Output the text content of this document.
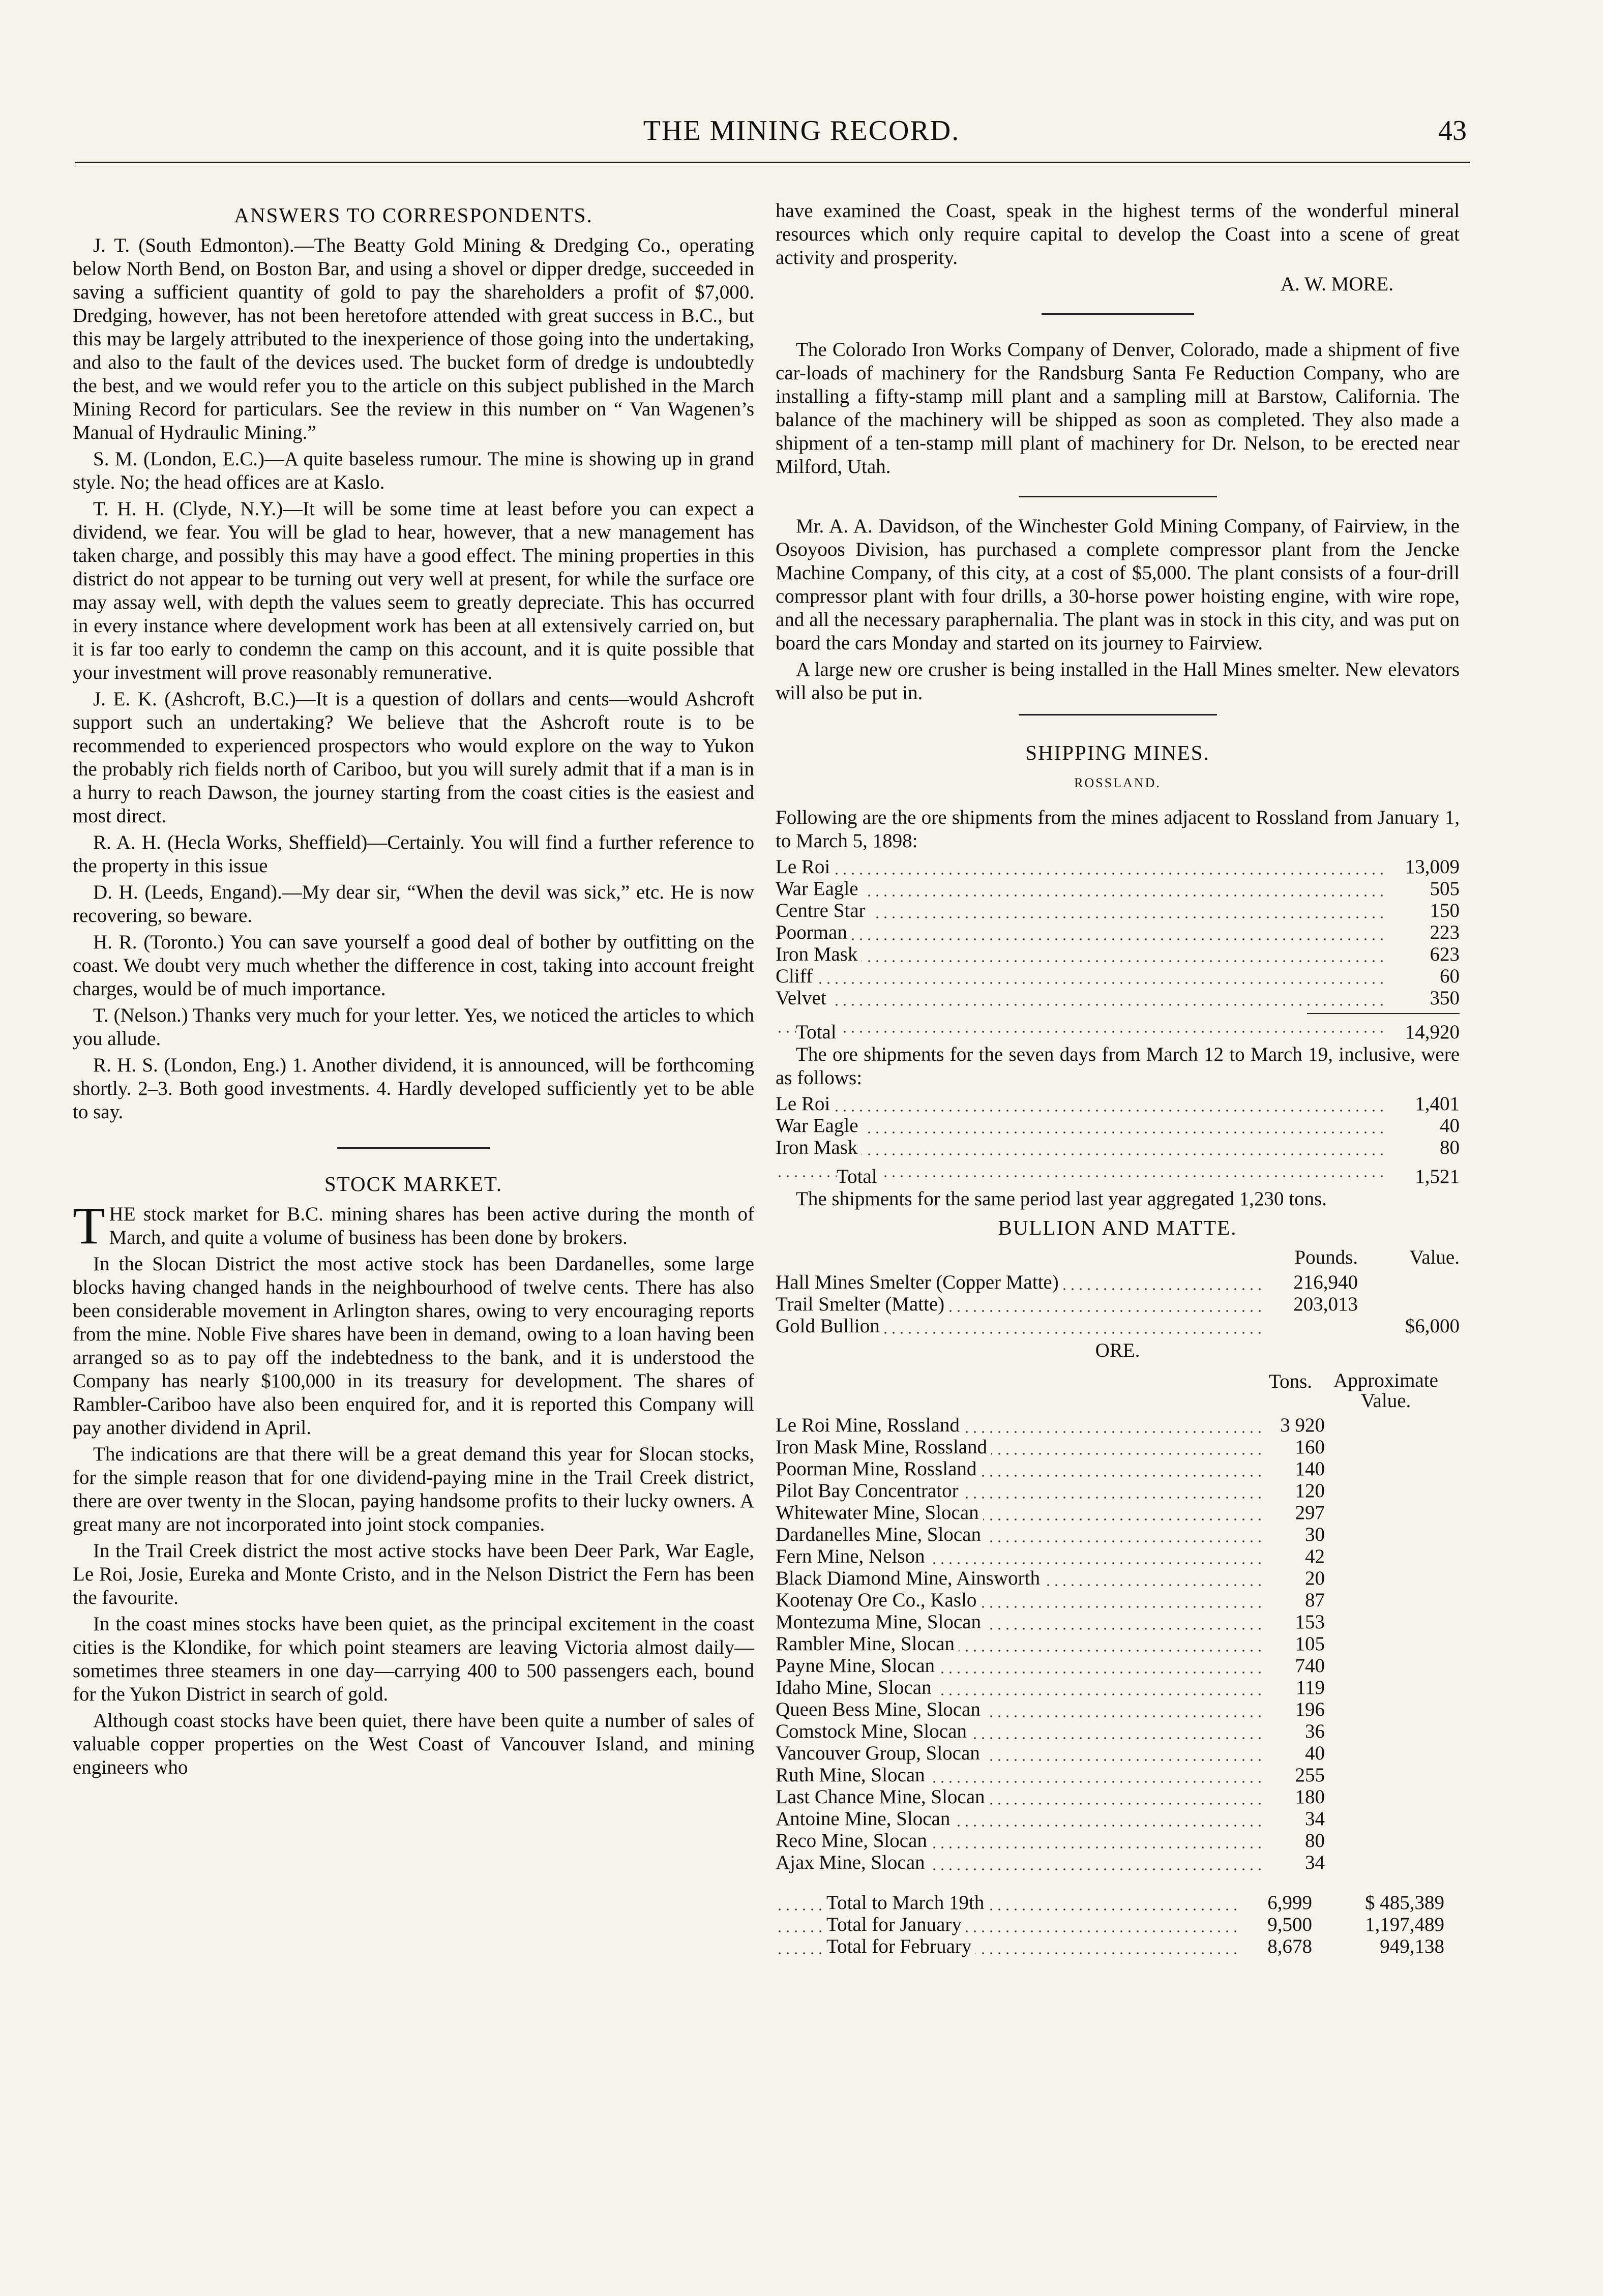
THE MINING RECORD.	43
ANSWERS TO CORRESPONDENTS.

J. T. (South Edmonton).—The Beatty Gold Mining & Dredging Co., operating below North Bend, on Boston Bar, and using a shovel or dipper dredge, succeeded in saving a sufficient quantity of gold to pay the shareholders a profit of $7,000. Dredging, however, has not been heretofore attended with great success in B.C., but this may be largely attributed to the inexperience of those going into the undertaking, and also to the fault of the devices used. The bucket form of dredge is undoubtedly the best, and we would refer you to the article on this subject published in the March Mining Record for particulars. See the review in this number on “ Van Wagenen’s Manual of Hydraulic Mining.”

S. M. (London, E.C.)—A quite baseless rumour. The mine is showing up in grand style. No; the head offices are at Kaslo.

T. H. H. (Clyde, N.Y.)—It will be some time at least before you can expect a dividend, we fear. You will be glad to hear, however, that a new management has taken charge, and possibly this may have a good effect. The mining properties in this district do not appear to be turning out very well at present, for while the surface ore may assay well, with depth the values seem to greatly depreciate. This has occurred in every instance where development work has been at all extensively carried on, but it is far too early to condemn the camp on this account, and it is quite possible that your investment will prove reasonably remunerative.

J. E. K. (Ashcroft, B.C.)—It is a question of dollars and cents—would Ashcroft support such an undertaking? We believe that the Ashcroft route is to be recommended to experienced prospectors who would explore on the way to Yukon the probably rich fields north of Cariboo, but you will surely admit that if a man is in a hurry to reach Dawson, the journey starting from the coast cities is the easiest and most direct.

R. A. H. (Hecla Works, Sheffield)—Certainly. You will find a further reference to the property in this issue

D. H. (Leeds, Engand).—My dear sir, “When the devil was sick,” etc. He is now recovering, so beware.

H. R. (Toronto.) You can save yourself a good deal of bother by outfitting on the coast. We doubt very much whether the difference in cost, taking into account freight charges, would be of much importance.

T. (Nelson.) Thanks very much for your letter. Yes, we noticed the articles to which you allude.

R. H. S. (London, Eng.) 1. Another dividend, it is announced, will be forthcoming shortly. 2–3. Both good investments. 4. Hardly developed sufficiently yet to be able to say.

STOCK MARKET.

THE stock market for B.C. mining shares has been active during the month of March, and quite a volume of business has been done by brokers.

In the Slocan District the most active stock has been Dardanelles, some large blocks having changed hands in the neighbourhood of twelve cents. There has also been considerable movement in Arlington shares, owing to very encouraging reports from the mine. Noble Five shares have been in demand, owing to a loan having been arranged so as to pay off the indebtedness to the bank, and it is understood the Company has nearly $100,000 in its treasury for development. The shares of Rambler-Cariboo have also been enquired for, and it is reported this Company will pay another dividend in April.

The indications are that there will be a great demand this year for Slocan stocks, for the simple reason that for one dividend-paying mine in the Trail Creek district, there are over twenty in the Slocan, paying handsome profits to their lucky owners. A great many are not incorporated into joint stock companies.

In the Trail Creek district the most active stocks have been Deer Park, War Eagle, Le Roi, Josie, Eureka and Monte Cristo, and in the Nelson District the Fern has been the favourite.

In the coast mines stocks have been quiet, as the principal excitement in the coast cities is the Klondike, for which point steamers are leaving Victoria almost daily—sometimes three steamers in one day—carrying 400 to 500 passengers each, bound for the Yukon District in search of gold.

Although coast stocks have been quiet, there have been quite a number of sales of valuable copper properties on the West Coast of Vancouver Island, and mining engineers who

have examined the Coast, speak in the highest terms of the wonderful mineral resources which only require capital to develop the Coast into a scene of great activity and prosperity.

A. W. MORE.

The Colorado Iron Works Company of Denver, Colorado, made a shipment of five car-loads of machinery for the Randsburg Santa Fe Reduction Company, who are installing a fifty-stamp mill plant and a sampling mill at Barstow, California. The balance of the machinery will be shipped as soon as completed. They also made a shipment of a ten-stamp mill plant of machinery for Dr. Nelson, to be erected near Milford, Utah.

Mr. A. A. Davidson, of the Winchester Gold Mining Company, of Fairview, in the Osoyoos Division, has purchased a complete compressor plant from the Jencke Machine Company, of this city, at a cost of $5,000. The plant consists of a four-drill compressor plant with four drills, a 30-horse power hoisting engine, with wire rope, and all the necessary paraphernalia. The plant was in stock in this city, and was put on board the cars Monday and started on its journey to Fairview.

A large new ore crusher is being installed in the Hall Mines smelter. New elevators will also be put in.

SHIPPING MINES.
ROSSLAND.

Following are the ore shipments from the mines adjacent to Rossland from January 1, to March 5, 1898:

Le Roi	13,009
War Eagle	505
Centre Star	150
Poorman	223
Iron Mask	623
Cliff	60
Velvet	350
Total	14,920

The ore shipments for the seven days from March 12 to March 19, inclusive, were as follows:

Le Roi	1,401
War Eagle	40
Iron Mask	80
Total	1,521

The shipments for the same period last year aggregated 1,230 tons.

BULLION AND MATTE.
	Pounds.	Value.
Hall Mines Smelter (Copper Matte)	216,940	
Trail Smelter (Matte)	203,013	
Gold Bullion		$6,000
ORE.
	Tons.	Approximate Value.
Le Roi Mine, Rossland	3 920
Iron Mask Mine, Rossland	160
Poorman Mine, Rossland	140
Pilot Bay Concentrator	120
Whitewater Mine, Slocan	297
Dardanelles Mine, Slocan	30
Fern Mine, Nelson	42
Black Diamond Mine, Ainsworth	20
Kootenay Ore Co., Kaslo	87
Montezuma Mine, Slocan	153
Rambler Mine, Slocan	105
Payne Mine, Slocan	740
Idaho Mine, Slocan	119
Queen Bess Mine, Slocan	196
Comstock Mine, Slocan	36
Vancouver Group, Slocan	40
Ruth Mine, Slocan	255
Last Chance Mine, Slocan	180
Antoine Mine, Slocan	34
Reco Mine, Slocan	80
Ajax Mine, Slocan	34
Total to March 19th	6,999	$ 485,389
Total for January	9,500	1,197,489
Total for February	8,678	949,138
